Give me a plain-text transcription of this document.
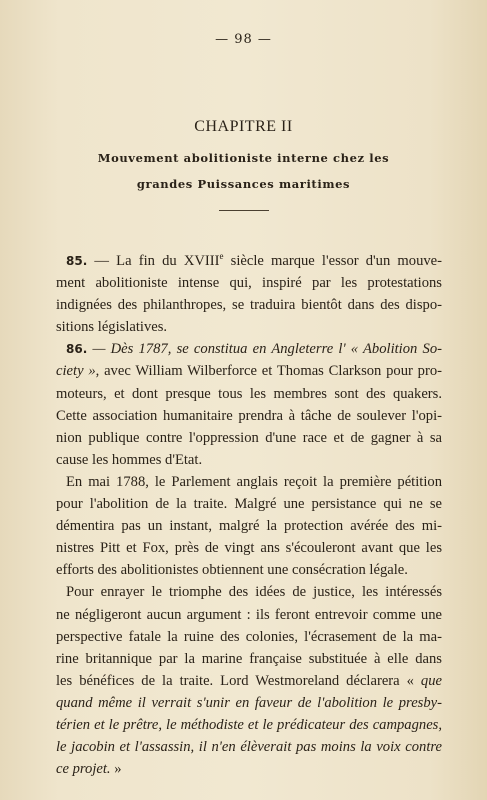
— 98 —
CHAPITRE II
Mouvement abolitioniste interne chez les
grandes Puissances maritimes
85. — La fin du XVIIIe siècle marque l'essor d'un mouve-
ment abolitioniste intense qui, inspiré par les protestations
indignées des philanthropes, se traduira bientôt dans des dispo-
sitions législatives.
86. — Dès 1787, se constitua en Angleterre l' « Abolition So-
ciety », avec William Wilberforce et Thomas Clarkson pour pro-
moteurs, et dont presque tous les membres sont des quakers.
Cette association humanitaire prendra à tâche de soulever l'opi-
nion publique contre l'oppression d'une race et de gagner à sa
cause les hommes d'Etat.
En mai 1788, le Parlement anglais reçoit la première pétition
pour l'abolition de la traite. Malgré une persistance qui ne se
démentira pas un instant, malgré la protection avérée des mi-
nistres Pitt et Fox, près de vingt ans s'écouleront avant que les
efforts des abolitionistes obtiennent une consécration légale.
Pour enrayer le triomphe des idées de justice, les intéressés
ne négligeront aucun argument : ils feront entrevoir comme une
perspective fatale la ruine des colonies, l'écrasement de la ma-
rine britannique par la marine française substituée à elle dans
les bénéfices de la traite. Lord Westmoreland déclarera « que
quand même il verrait s'unir en faveur de l'abolition le presby-
térien et le prêtre, le méthodiste et le prédicateur des campagnes,
le jacobin et l'assassin, il n'en élèverait pas moins la voix contre
ce projet. »
